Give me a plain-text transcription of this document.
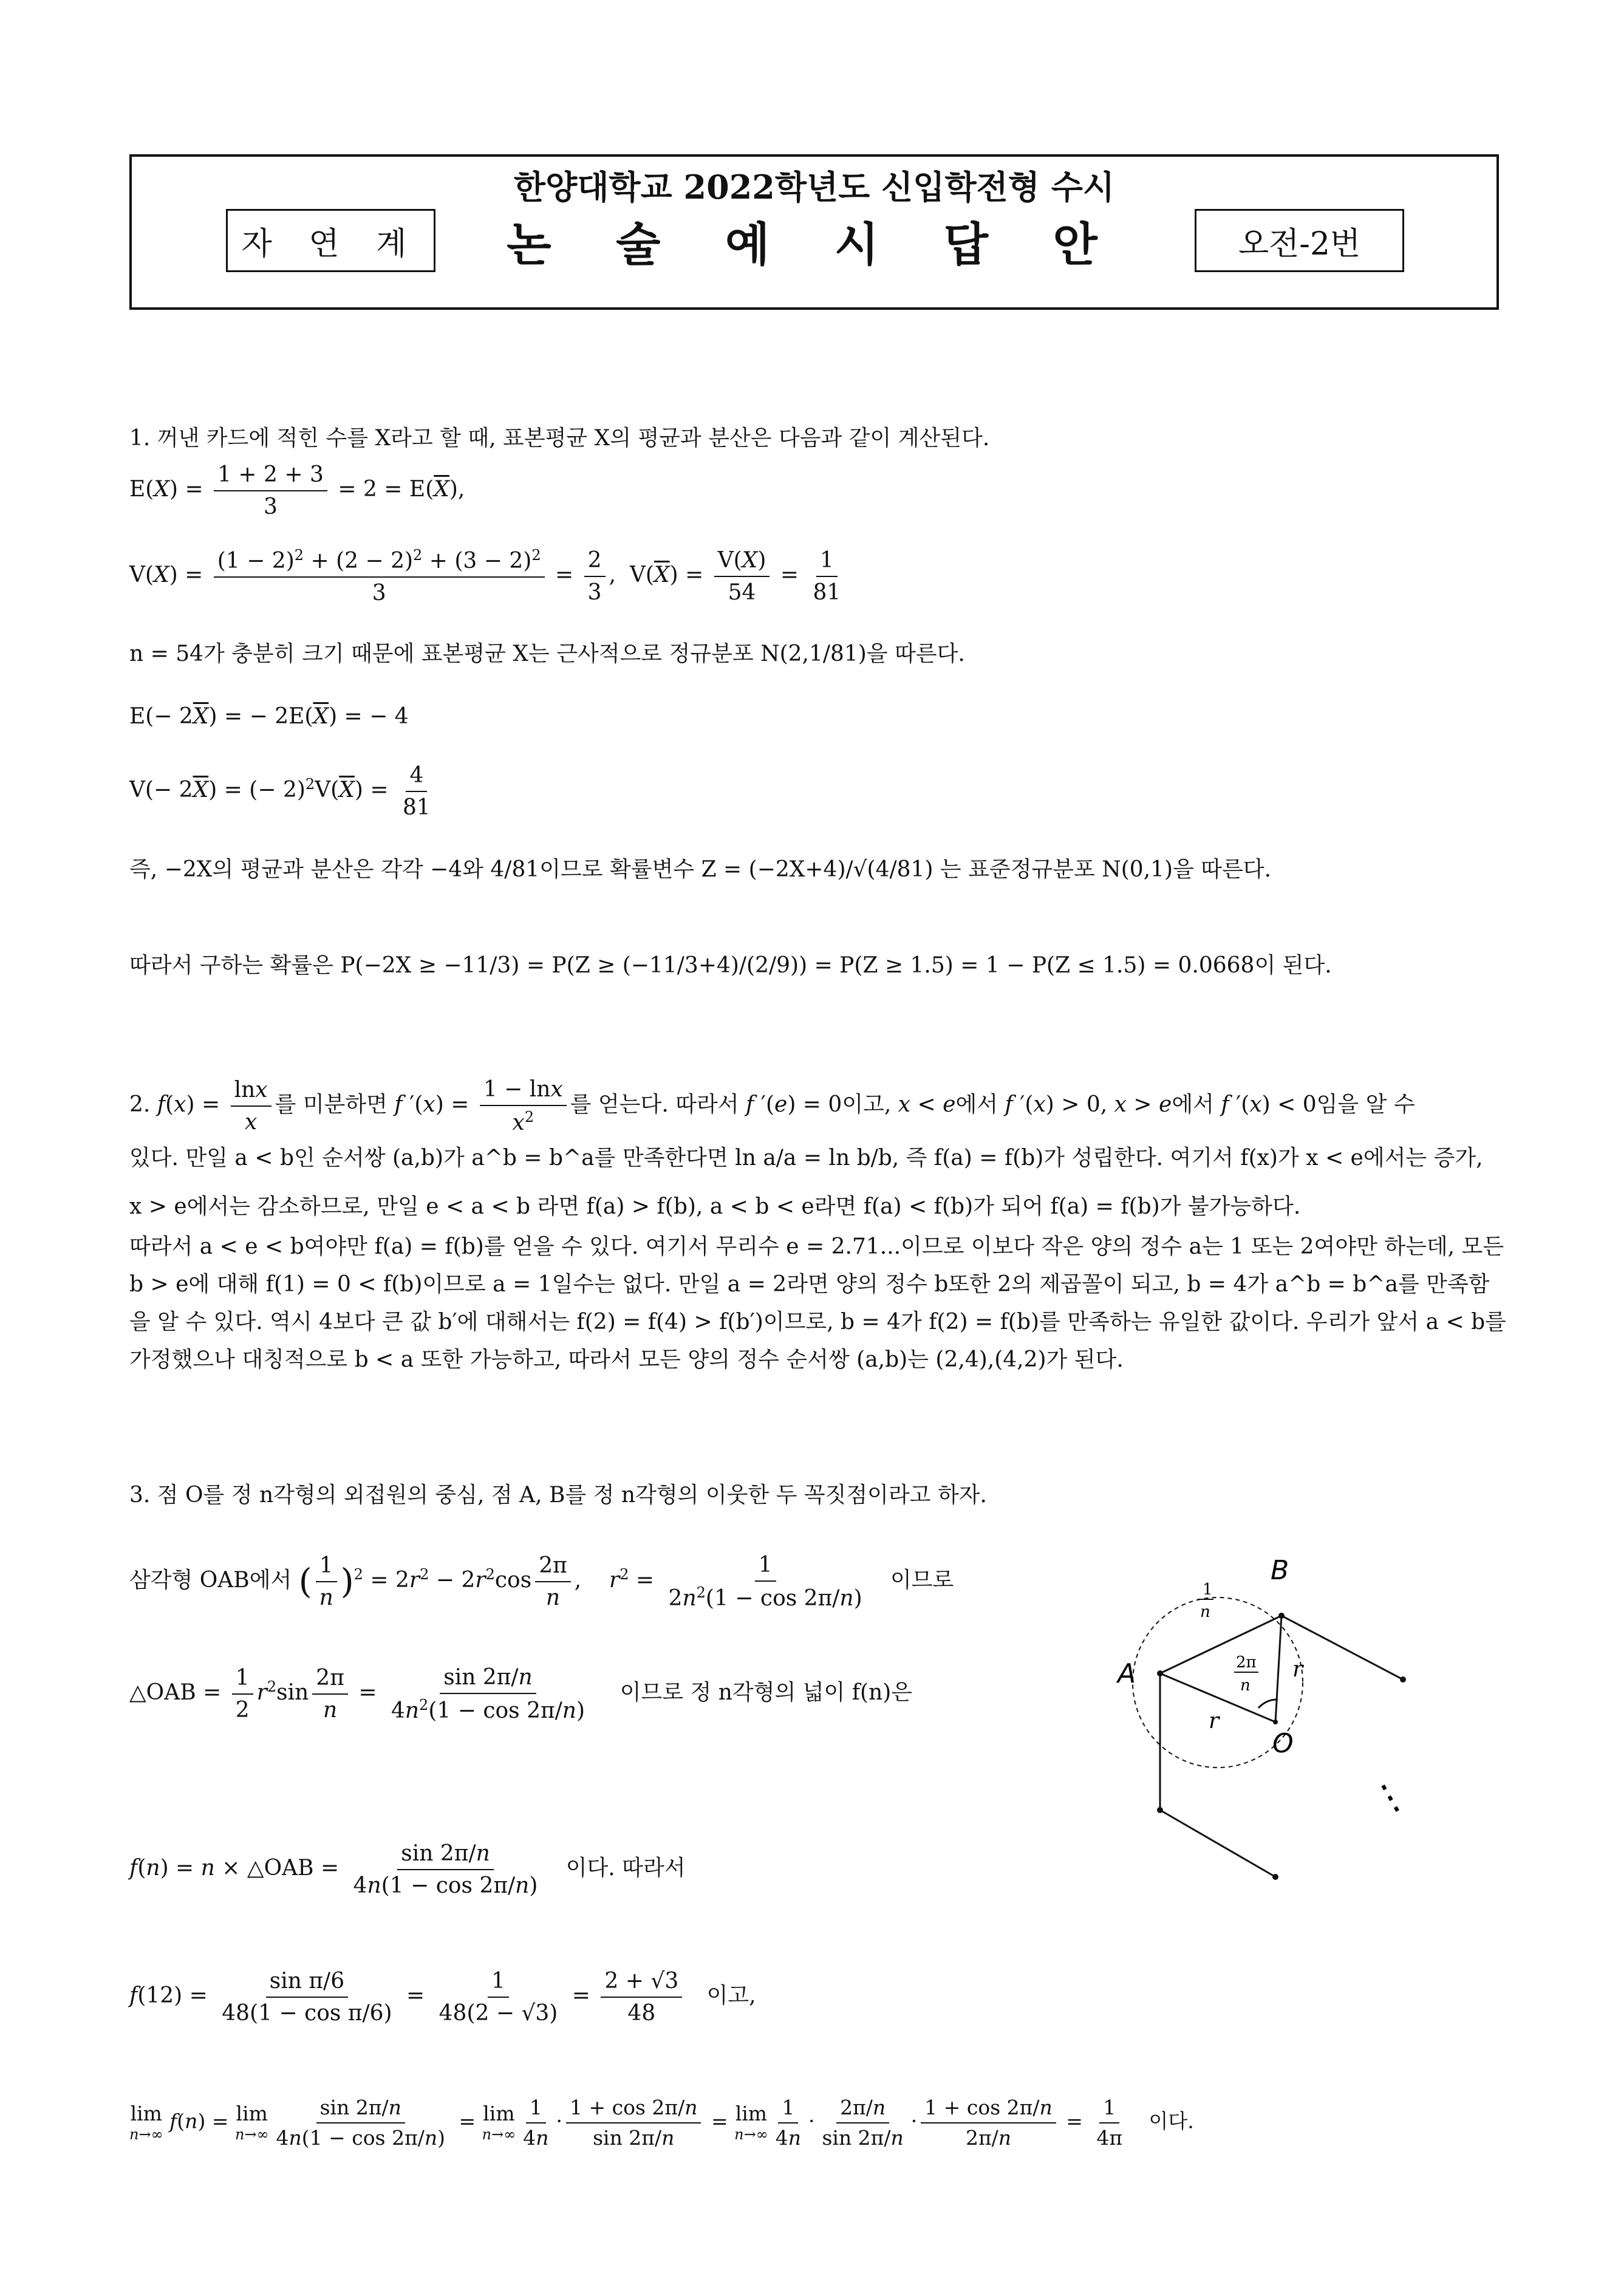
한양대학교 2022학년도 신입학전형 수시
자 연 계	논 술 예 시 답 안	오전-2번
1. 꺼낸 카드에 적힌 수를 X라고 할 때, 표본평균 X의 평균과 분산은 다음과 같이 계산된다.
$E(X) = \frac{1 + 2 + 3}{3} = 2 = E(\overline{X})$,
$V(X) = \frac{(1 - 2)^2 + (2 - 2)^2 + (3 - 2)^2}{3} = \frac{2}{3}$ ,  $V(\overline{X}) = \frac{V(X)}{54} = \frac{1}{81}$
n = 54가 충분히 크기 때문에 표본평균 X는 근사적으로 정규분포 N(2,1/81)을 따른다.
$E(- 2\overline{X})$ = − $2E(\overline{X})$ = − 4
$V(- 2\overline{X})$ = (− $2)^2V(\overline{X}) = \frac{4}{81}$
즉, −2X의 평균과 분산은 각각 −4와 4/81이므로 확률변수 Z = (−2X+4)/√(4/81) 는 표준정규분포 N(0,1)을 따른다.
따라서 구하는 확률은 P(−2X ≥ −11/3) = P(Z ≥ (−11/3+4)/(2/9)) = P(Z ≥ 1.5) = 1 − P(Z ≤ 1.5) = 0.0668이 된다.
2. $f(x) = \frac{\ln x}{x}$ 를 미분하면 f $'(x) = \frac{1 - \ln x}{x^2}$ 를 얻는다. 따라서 f ′(e) = 0이고, x < e에서 f ′(x) > 0, x > e에서 f ′(x) < 0임을 알 수
있다. 만일 a < b인 순서쌍 (a,b)가 a^b = b^a를 만족한다면 ln a/a = ln b/b, 즉 f(a) = f(b)가 성립한다. 여기서 f(x)가 x < e에서는 증가,
x > e에서는 감소하므로, 만일 e < a < b 라면 f(a) > f(b), a < b < e라면 f(a) < f(b)가 되어 f(a) = f(b)가 불가능하다.
따라서 a < e < b여야만 f(a) = f(b)를 얻을 수 있다. 여기서 무리수 e = 2.71...이므로 이보다 작은 양의 정수 a는 1 또는 2여야만 하는데, 모든 b > e에 대해 f(1) = 0 < f(b)이므로 a = 1일수는 없다. 만일 a = 2라면 양의 정수 b또한 2의 제곱꼴이 되고, b = 4가 a^b = b^a를 만족함을 알 수 있다. 역시 4보다 큰 값 b′에 대해서는 f(2) = f(4) > f(b′)이므로, b = 4가 f(2) = f(b)를 만족하는 유일한 값이다. 우리가 앞서 a < b를 가정했으나 대칭적으로 b < a 또한 가능하고, 따라서 모든 양의 정수 순서쌍 (a,b)는 (2,4),(4,2)가 된다.
3. 점 O를 정 n각형의 외접원의 중심, 점 A, B를 정 n각형의 이웃한 두 꼭짓점이라고 하자.
삼각형 OAB에서 ( $\frac{1}{n} )^2 = 2r^2 - 2r^2\cos \frac{2\pi}{n}$ ,    $r^2 = \frac{1}{2n^2(1 - \cos 2\pi/n)}$ 이므로
△OAB = $\frac{1}{2} r^2\sin \frac{2\pi}{n} = \frac{\sin 2\pi/n}{4n^2(1 - \cos 2\pi/n)}$ 이므로 정 n각형의 넓이 f(n)은
f(n) = n × △OAB = $\frac{\sin 2\pi/n}{4n(1 - \cos 2\pi/n)}$ 이다. 따라서
$f(12) = \frac{\text{sin π/6}}{\text{48(1 − cos π/6)}} = \frac{1}{48(2 - √3)} = \frac{2 + √3}{48}$ 이고,
lim
n→∞
f(n) = lim
$n\to\infty \frac{\sin 2\pi/n}{4n(1 - \cos 2\pi/n)} = \lim$
$n\to\infty \frac{1}{4n} \cdot \frac{1 + \cos 2\pi/n}{\sin 2\pi/n} = \lim$
$n\to\infty \frac{1}{4n} \cdot \frac{2\pi/n}{\sin 2\pi/n} \cdot \frac{1 + \cos 2\pi/n}{2\pi/n} = \frac{1}{4\pi}$ 이다.
A
B
O
r
r
2π
n
1
n
⋮
